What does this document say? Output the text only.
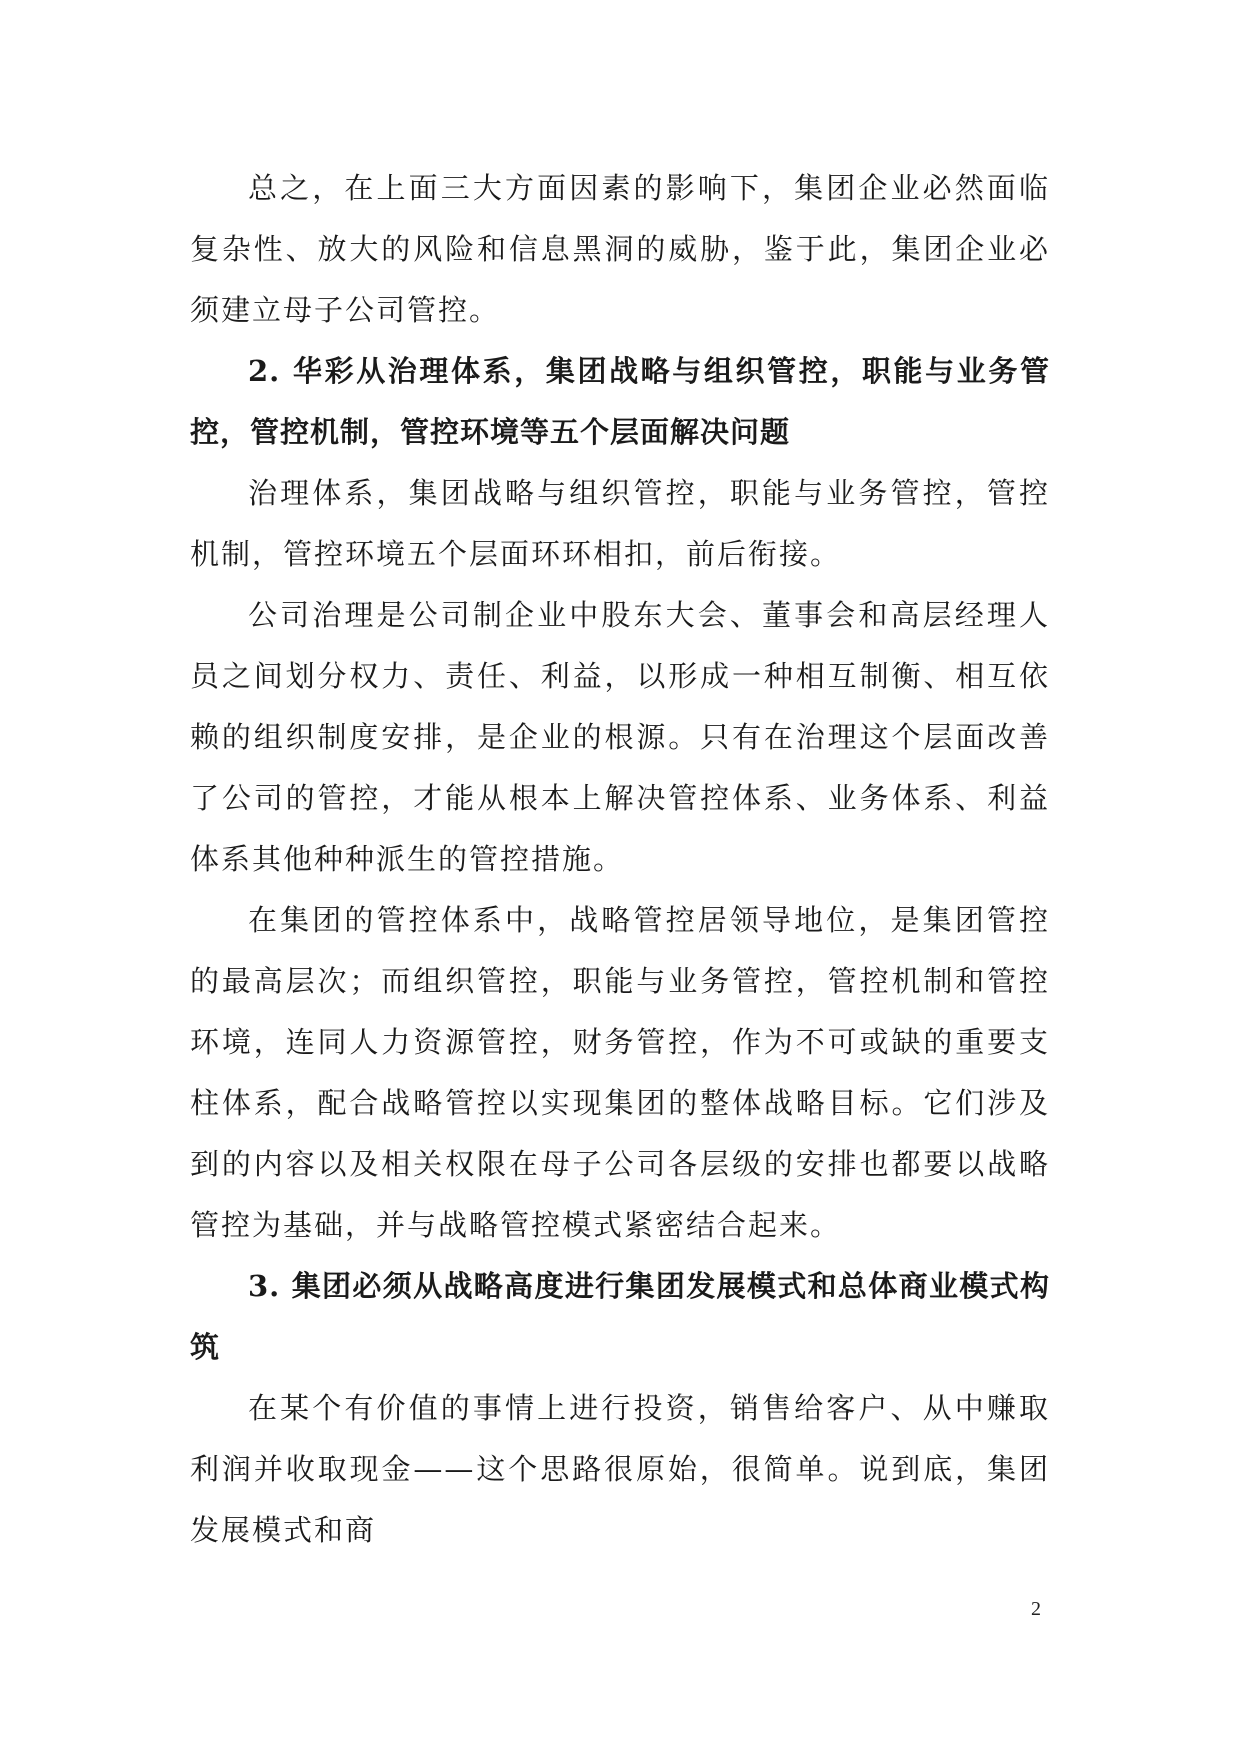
总之，在上面三大方面因素的影响下，集团企业必然面临复杂性、放大的风险和信息黑洞的威胁，鉴于此，集团企业必须建立母子公司管控。

2. 华彩从治理体系，集团战略与组织管控，职能与业务管控，管控机制，管控环境等五个层面解决问题

治理体系，集团战略与组织管控，职能与业务管控，管控机制，管控环境五个层面环环相扣，前后衔接。

公司治理是公司制企业中股东大会、董事会和高层经理人员之间划分权力、责任、利益，以形成一种相互制衡、相互依赖的组织制度安排，是企业的根源。只有在治理这个层面改善了公司的管控，才能从根本上解决管控体系、业务体系、利益体系其他种种派生的管控措施。

在集团的管控体系中，战略管控居领导地位，是集团管控的最高层次；而组织管控，职能与业务管控，管控机制和管控环境，连同人力资源管控，财务管控，作为不可或缺的重要支柱体系，配合战略管控以实现集团的整体战略目标。它们涉及到的内容以及相关权限在母子公司各层级的安排也都要以战略管控为基础，并与战略管控模式紧密结合起来。

3. 集团必须从战略高度进行集团发展模式和总体商业模式构筑

在某个有价值的事情上进行投资，销售给客户、从中赚取利润并收取现金——这个思路很原始，很简单。说到底，集团发展模式和商

2
